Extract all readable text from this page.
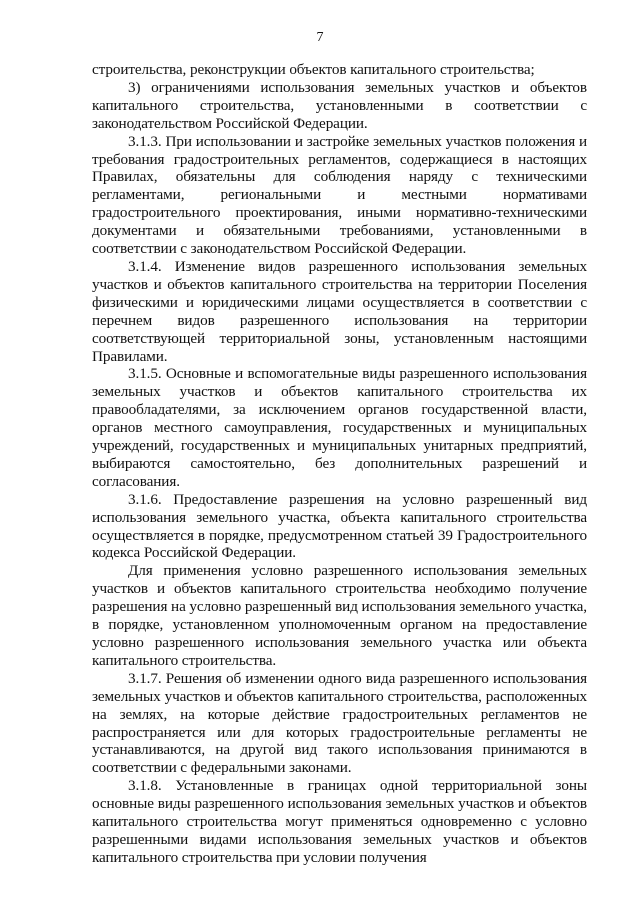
7

строительства, реконструкции объектов капитального строительства;

3) ограничениями использования земельных участков и объектов капитального строительства, установленными в соответствии с законодательством Российской Федерации.

3.1.3. При использовании и застройке земельных участков положения и требования градостроительных регламентов, содержащиеся в настоящих Правилах, обязательны для соблюдения наряду с техническими регламентами, региональными и местными нормативами градостроительного проектирования, иными нормативно-техническими документами и обязательными требованиями, установленными в соответствии с законодательством Российской Федерации.

3.1.4. Изменение видов разрешенного использования земельных участков и объектов капитального строительства на территории Поселения физическими и юридическими лицами осуществляется в соответствии с перечнем видов разрешенного использования на территории соответствующей территориальной зоны, установленным настоящими Правилами.

3.1.5. Основные и вспомогательные виды разрешенного использования земельных участков и объектов капитального строительства их правообладателями, за исключением органов государственной власти, органов местного самоуправления, государственных и муниципальных учреждений, государственных и муниципальных унитарных предприятий, выбираются самостоятельно, без дополнительных разрешений и согласования.

3.1.6. Предоставление разрешения на условно разрешенный вид использования земельного участка, объекта капитального строительства осуществляется в порядке, предусмотренном статьей 39 Градостроительного кодекса Российской Федерации.

Для применения условно разрешенного использования земельных участков и объектов капитального строительства необходимо получение разрешения на условно разрешенный вид использования земельного участка, в порядке, установленном уполномоченным органом на предоставление условно разрешенного использования земельного участка или объекта капитального строительства.

3.1.7. Решения об изменении одного вида разрешенного использования земельных участков и объектов капитального строительства, расположенных на землях, на которые действие градостроительных регламентов не распространяется или для которых градостроительные регламенты не устанавливаются, на другой вид такого использования принимаются в соответствии с федеральными законами.

3.1.8. Установленные в границах одной территориальной зоны основные виды разрешенного использования земельных участков и объектов капитального строительства могут применяться одновременно с условно разрешенными видами использования земельных участков и объектов капитального строительства при условии получения
